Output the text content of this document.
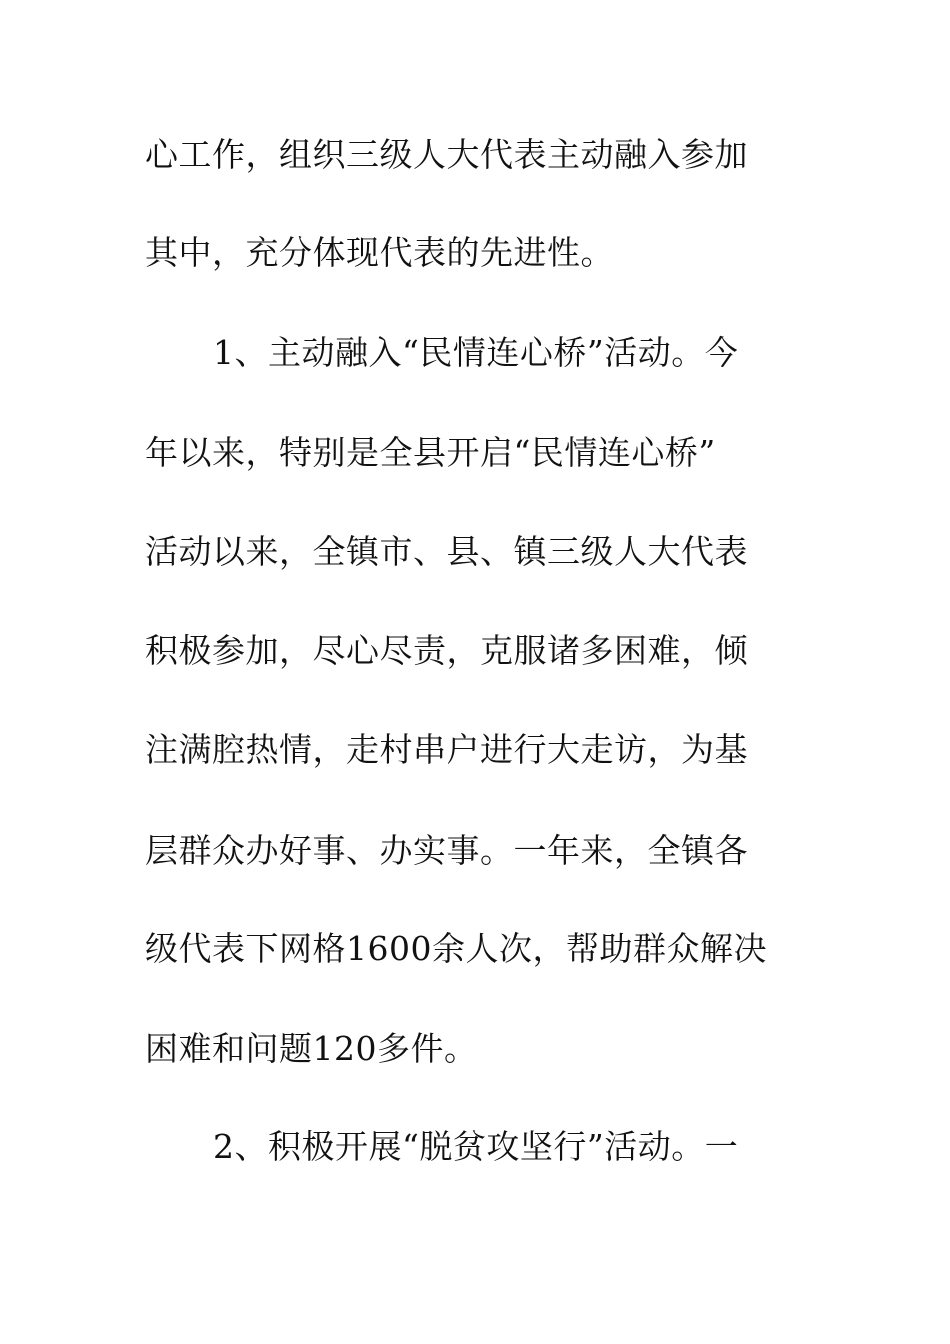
心工作，组织三级人大代表主动融入参加
其中，充分体现代表的先进性。
1、主动融入“民情连心桥”活动。今
年以来，特别是全县开启“民情连心桥”
活动以来，全镇市、县、镇三级人大代表
积极参加，尽心尽责，克服诸多困难，倾
注满腔热情，走村串户进行大走访，为基
层群众办好事、办实事。一年来，全镇各
级代表下网格1600余人次，帮助群众解决
困难和问题120多件。
2、积极开展“脱贫攻坚行”活动。一
